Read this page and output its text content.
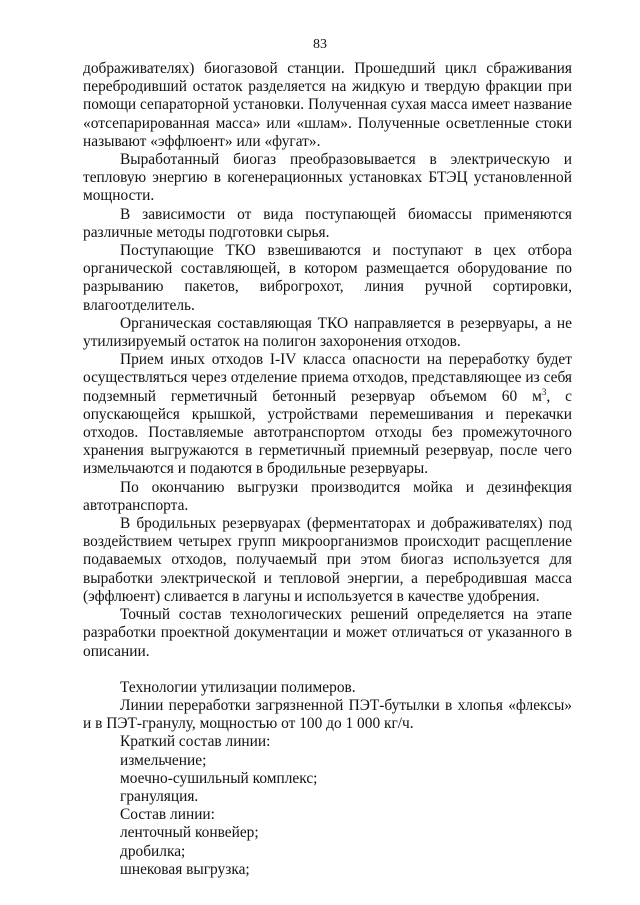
83

дображивателях) биогазовой станции. Прошедший цикл сбраживания перебродивший остаток разделяется на жидкую и твердую фракции при помощи сепараторной установки. Полученная сухая масса имеет название «отсепарированная масса» или «шлам». Полученные осветленные стоки называют «эффлюент» или «фугат».

Выработанный биогаз преобразовывается в электрическую и тепловую энергию в когенерационных установках БТЭЦ установленной мощности.

В зависимости от вида поступающей биомассы применяются различные методы подготовки сырья.

Поступающие ТКО взвешиваются и поступают в цех отбора органической составляющей, в котором размещается оборудование по разрыванию пакетов, виброгрохот, линия ручной сортировки, влагоотделитель.

Органическая составляющая ТКО направляется в резервуары, а не утилизируемый остаток на полигон захоронения отходов.

Прием иных отходов I-IV класса опасности на переработку будет осуществляться через отделение приема отходов, представляющее из себя подземный герметичный бетонный резервуар объемом 60 $м^3$, с опускающейся крышкой, устройствами перемешивания и перекачки отходов. Поставляемые автотранспортом отходы без промежуточного хранения выгружаются в герметичный приемный резервуар, после чего измельчаются и подаются в бродильные резервуары.

По окончанию выгрузки производится мойка и дезинфекция автотранспорта.

В бродильных резервуарах (ферментаторах и дображивателях) под воздействием четырех групп микроорганизмов происходит расщепление подаваемых отходов, получаемый при этом биогаз используется для выработки электрической и тепловой энергии, а перебродившая масса (эффлюент) сливается в лагуны и используется в качестве удобрения.

Точный состав технологических решений определяется на этапе разработки проектной документации и может отличаться от указанного в описании.

Технологии утилизации полимеров.

Линии переработки загрязненной ПЭТ-бутылки в хлопья «флексы» и в ПЭТ-гранулу, мощностью от 100 до 1 000 кг/ч.

Краткий состав линии:

измельчение;

моечно-сушильный комплекс;

грануляция.

Состав линии:

ленточный конвейер;

дробилка;

шнековая выгрузка;
